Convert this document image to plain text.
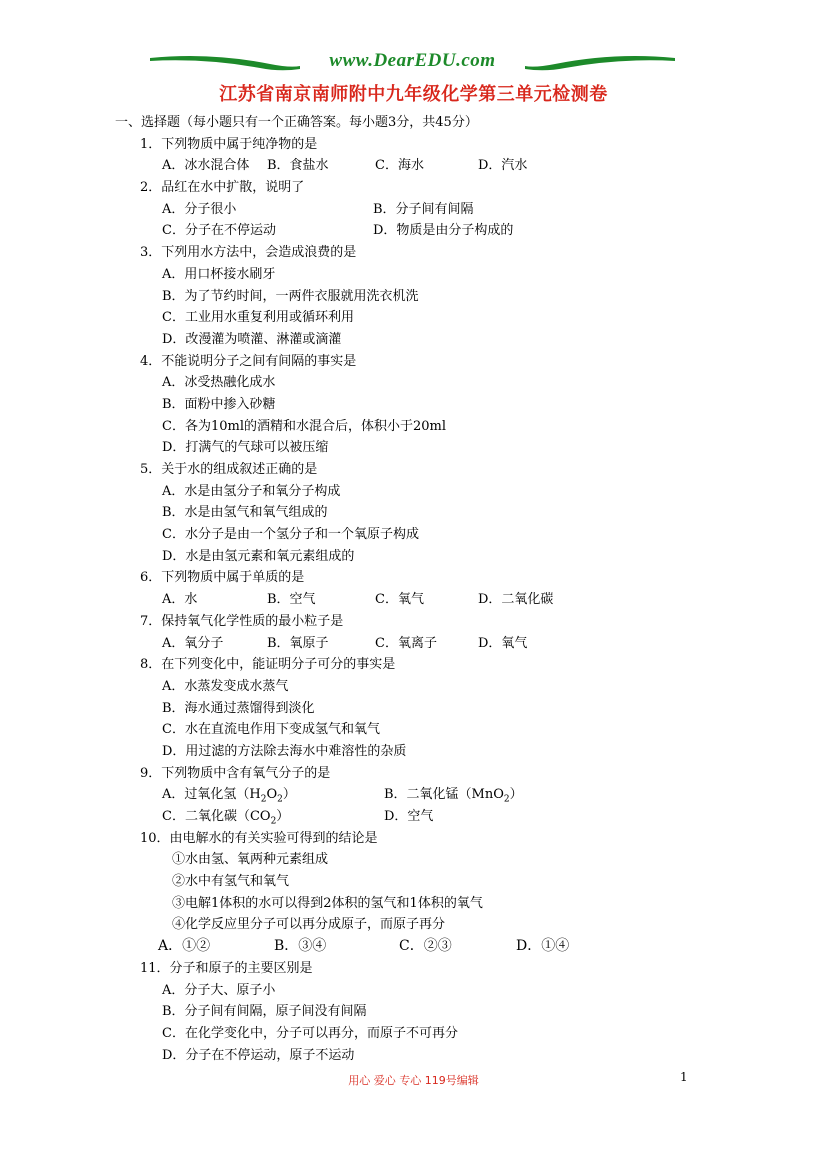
www.DearEDU.com
江苏省南京南师附中九年级化学第三单元检测卷
一、选择题（每小题只有一个正确答案。每小题3分，共45分）
1．下列物质中属于纯净物的是
A．冰水混合体 B．食盐水	C．海水	D．汽水
2．品红在水中扩散，说明了
A．分子很小	B．分子间有间隔
C．分子在不停运动	D．物质是由分子构成的
3．下列用水方法中，会造成浪费的是
A．用口杯接水刷牙
B．为了节约时间，一两件衣服就用洗衣机洗
C．工业用水重复利用或循环利用
D．改漫灌为喷灌、淋灌或滴灌
4．不能说明分子之间有间隔的事实是
A．冰受热融化成水
B．面粉中掺入砂糖
C．各为10ml的酒精和水混合后，体积小于20ml
D．打满气的气球可以被压缩
5．关于水的组成叙述正确的是
A．水是由氢分子和氧分子构成
B．水是由氢气和氧气组成的
C．水分子是由一个氢分子和一个氧原子构成
D．水是由氢元素和氧元素组成的
6．下列物质中属于单质的是
A．水	B．空气	C．氧气	D．二氧化碳
7．保持氧气化学性质的最小粒子是
A．氧分子	B．氧原子	C．氧离子	D．氧气
8．在下列变化中，能证明分子可分的事实是
A．水蒸发变成水蒸气
B．海水通过蒸馏得到淡化
C．水在直流电作用下变成氢气和氧气
D．用过滤的方法除去海水中难溶性的杂质
9．下列物质中含有氧气分子的是
A．过氧化氢$(H_2O_2)$	B．二氧化锰（MnO$_2$）
C．二氧化碳$(CO_2)$	D．空气
10．由电解水的有关实验可得到的结论是
①水由氢、氧两种元素组成
②水中有氢气和氧气
③电解1体积的水可以得到2体积的氢气和1体积的氧气
④化学反应里分子可以再分成原子，而原子再分
A．①②	B．③④	C．②③	D．①④
11．分子和原子的主要区别是
A．分子大、原子小
B．分子间有间隔，原子间没有间隔
C．在化学变化中，分子可以再分，而原子不可再分
D．分子在不停运动，原子不运动
用心 爱心 专心 119号编辑	1
